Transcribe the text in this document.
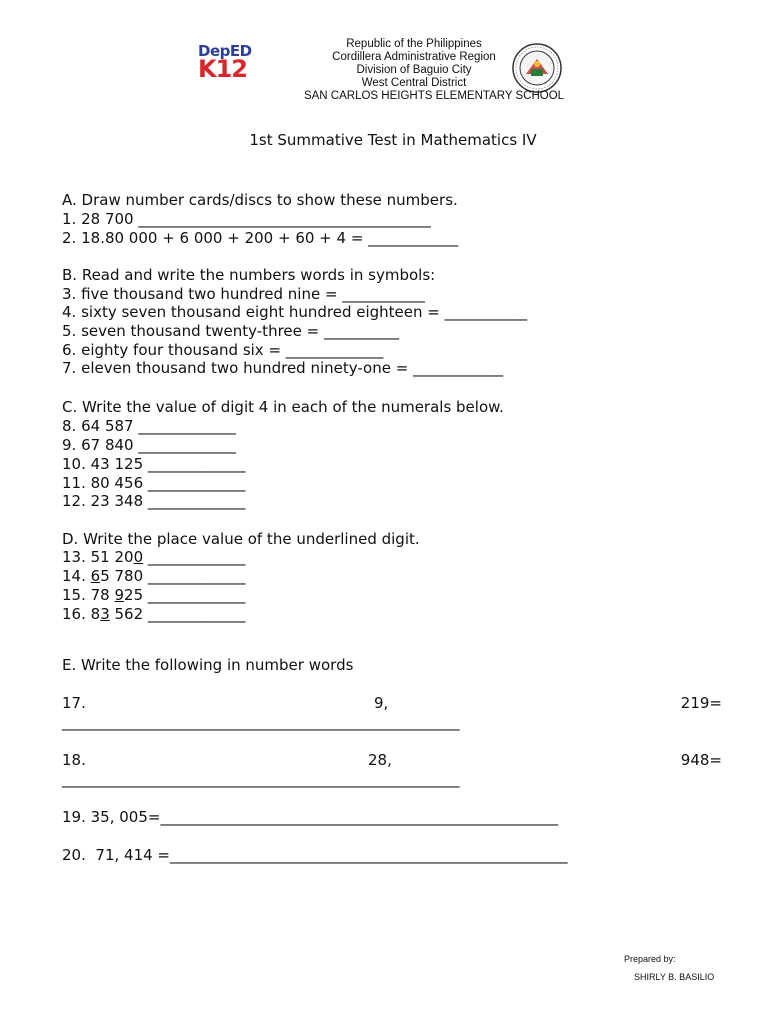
DepED
K12
Republic of the Philippines
Cordillera Administrative Region
Division of Baguio City
West Central District
SAN CARLOS HEIGHTS ELEMENTARY SCHOOL
1st Summative Test in Mathematics IV
A. Draw number cards/discs to show these numbers.
1. 28 700 _______________________________________
2. 18.80 000 + 6 000 + 200 + 60 + 4 = ____________
B. Read and write the numbers words in symbols:
3. five thousand two hundred nine = ___________
4. sixty seven thousand eight hundred eighteen = ___________
5. seven thousand twenty-three = __________
6. eighty four thousand six = _____________
7. eleven thousand two hundred ninety-one = ____________
C. Write the value of digit 4 in each of the numerals below.
8. 64 587 _____________
9. 67 840 _____________
10. 43 125 _____________
11. 80 456 _____________
12. 23 348 _____________
D. Write the place value of the underlined digit.
13. 51 200 _____________
14. 65 780 _____________
15. 78 925 _____________
16. 83 562 _____________
E. Write the following in number words
17.	9,	219=
_____________________________________________________
18.	28,	948=
_____________________________________________________
19. 35, 005=_____________________________________________________
20.  71, 414 =_____________________________________________________
Prepared by:
SHIRLY B. BASILIO
